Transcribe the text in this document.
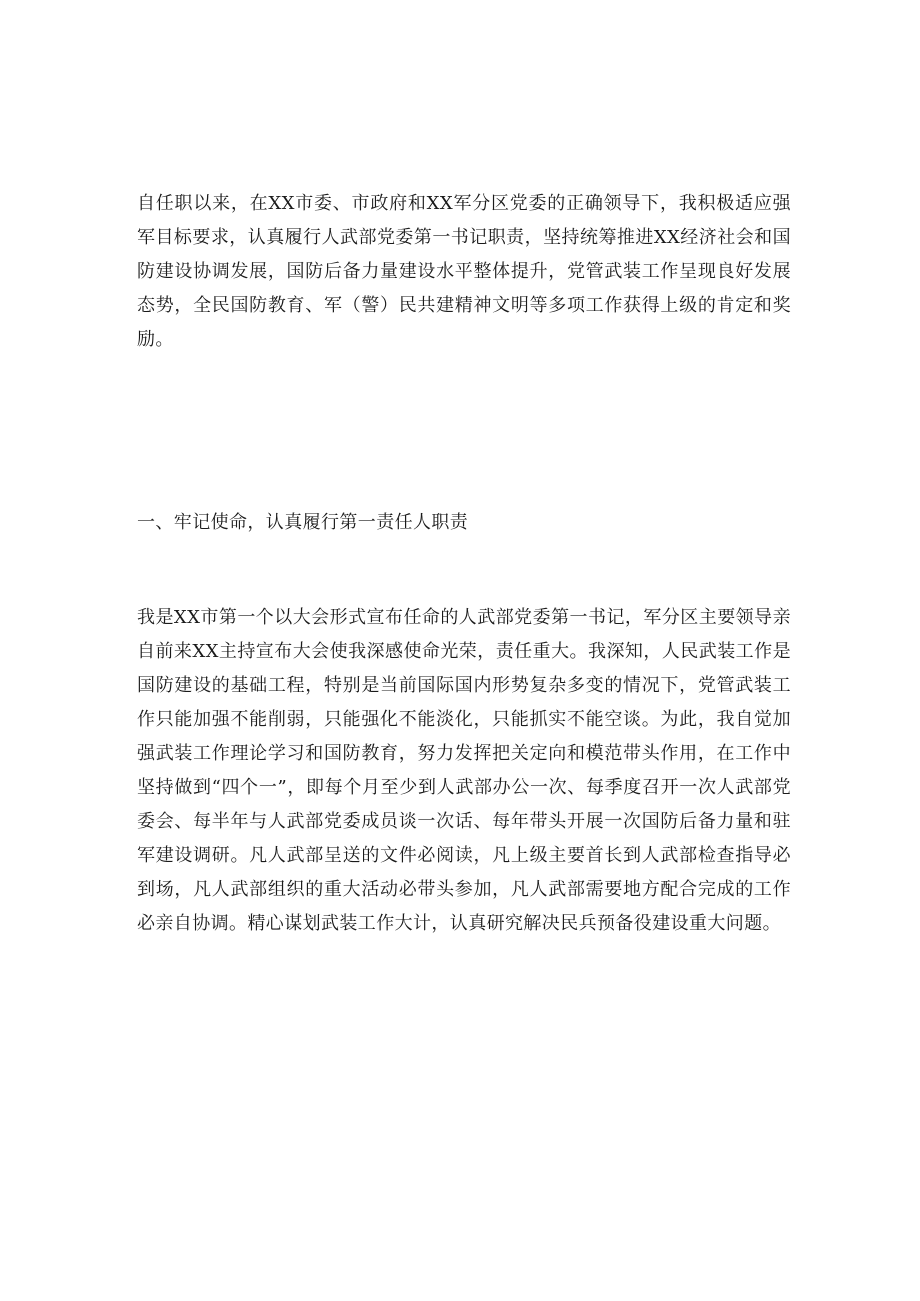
自任职以来，在XX市委、市政府和XX军分区党委的正确领导下，我积极适应强军目标要求，认真履行人武部党委第一书记职责，坚持统筹推进XX经济社会和国防建设协调发展，国防后备力量建设水平整体提升，党管武装工作呈现良好发展态势，全民国防教育、军（警）民共建精神文明等多项工作获得上级的肯定和奖励。

一、牢记使命，认真履行第一责任人职责

我是XX市第一个以大会形式宣布任命的人武部党委第一书记，军分区主要领导亲自前来XX主持宣布大会使我深感使命光荣，责任重大。我深知，人民武装工作是国防建设的基础工程，特别是当前国际国内形势复杂多变的情况下，党管武装工作只能加强不能削弱，只能强化不能淡化，只能抓实不能空谈。为此，我自觉加强武装工作理论学习和国防教育，努力发挥把关定向和模范带头作用，在工作中坚持做到“四个一”，即每个月至少到人武部办公一次、每季度召开一次人武部党委会、每半年与人武部党委成员谈一次话、每年带头开展一次国防后备力量和驻军建设调研。凡人武部呈送的文件必阅读，凡上级主要首长到人武部检查指导必到场，凡人武部组织的重大活动必带头参加，凡人武部需要地方配合完成的工作必亲自协调。精心谋划武装工作大计，认真研究解决民兵预备役建设重大问题。
